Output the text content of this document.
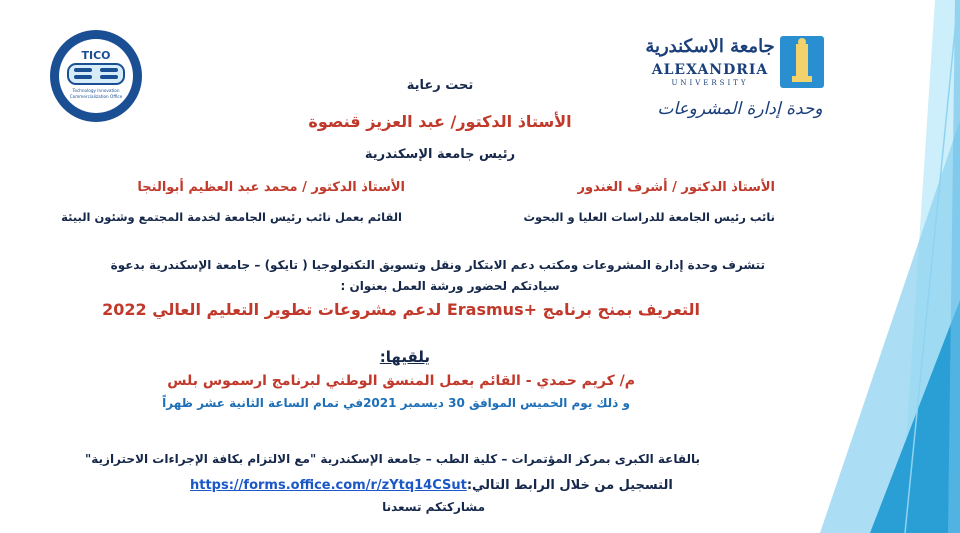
جامعة الإسكندرية
TICO
Technology Innovation
Commercialization Office
جامعة الاسكندرية
ALEXANDRIA
UNIVERSITY
وحدة إدارة المشروعات
تحت رعاية
الأستاذ الدكتور/ عبد العزيز قنصوة
رئيس جامعة الإسكندرية
الأستاذ الدكتور / أشرف الغندور
نائب رئيس الجامعة للدراسات العليا و البحوث
الأستاذ الدكتور / محمد عبد العظيم أبوالنجا
القائم بعمل نائب رئيس الجامعة لخدمة المجتمع وشئون البيئة
تتشرف وحدة إدارة المشروعات ومكتب دعم الابتكار ونقل وتسويق التكنولوجيا ( تايكو) – جامعة الإسكندرية بدعوة
سيادتكم لحضور ورشة العمل بعنوان :
التعريف بمنح برنامج +Erasmus لدعم مشروعات تطوير التعليم العالي 2022
يلقيها:
م/ كريم حمدي - القائم بعمل المنسق الوطني لبرنامج ارسموس بلس
و ذلك يوم الخميس الموافق 30 ديسمبر 2021في تمام الساعة الثانية عشر ظهراً
بالقاعة الكبرى بمركز المؤتمرات – كلية الطب – جامعة الإسكندرية "مع الالتزام بكافة الإجراءات الاحترازية"
https://forms.office.com/r/zYtq14CSutالتسجيل من خلال الرابط التالي:
مشاركتكم تسعدنا
